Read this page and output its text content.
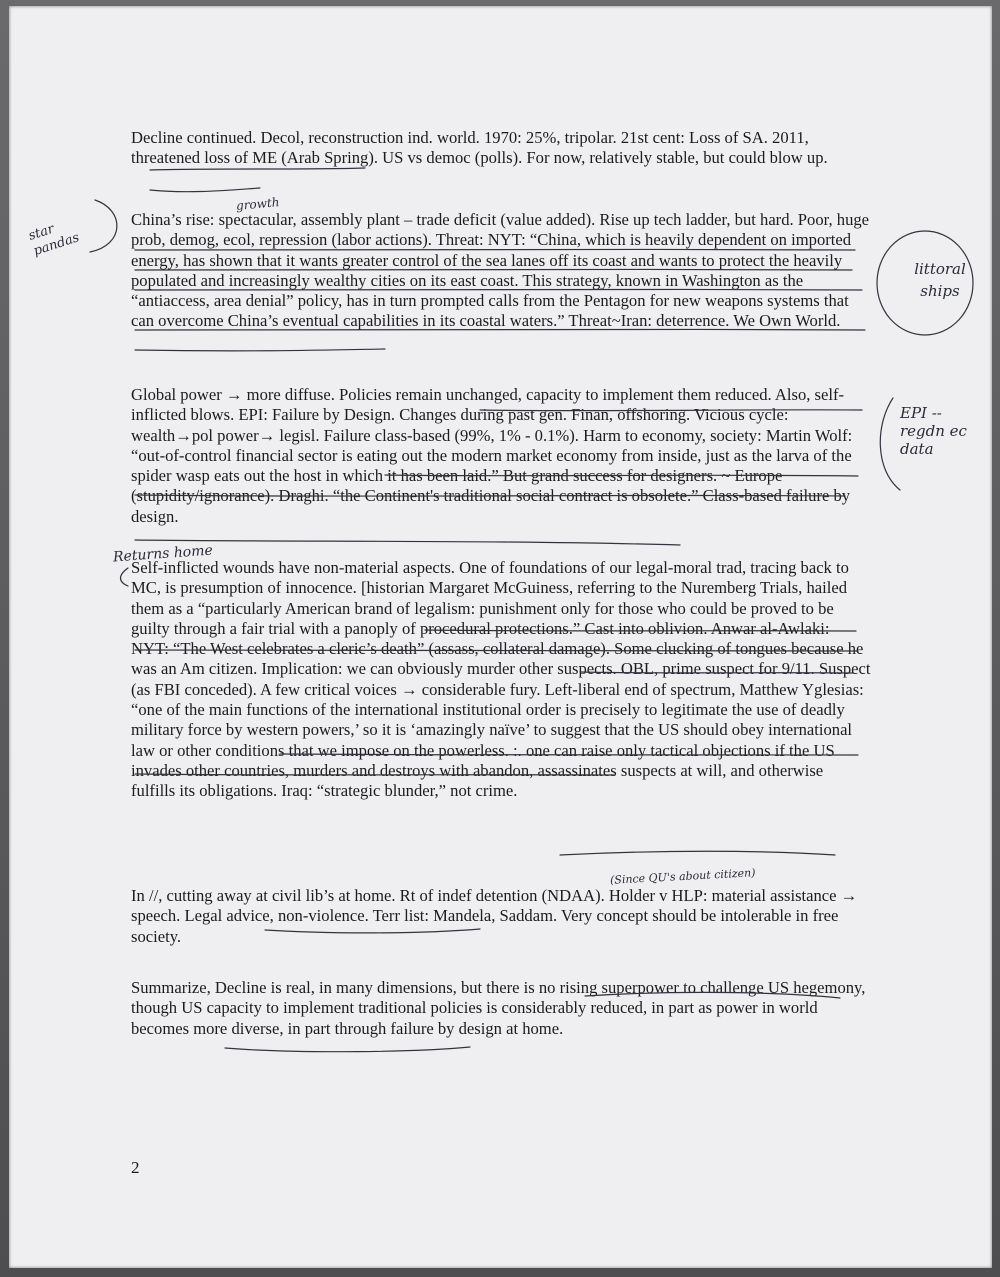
Decline continued. Decol, reconstruction ind. world. 1970: 25%, tripolar. 21st cent: Loss of SA. 2011, threatened loss of ME (Arab Spring). US vs democ (polls). For now, relatively stable, but could blow up.

China’s rise: spectacular, assembly plant – trade deficit (value added). Rise up tech ladder, but hard. Poor, huge prob, demog, ecol, repression (labor actions). Threat: NYT: “China, which is heavily dependent on imported energy, has shown that it wants greater control of the sea lanes off its coast and wants to protect the heavily populated and increasingly wealthy cities on its east coast. This strategy, known in Washington as the “antiaccess, area denial” policy, has in turn prompted calls from the Pentagon for new weapons systems that can overcome China’s eventual capabilities in its coastal waters.” Threat~Iran: deterrence. We Own World.

Global power → more diffuse. Policies remain unchanged, capacity to implement them reduced. Also, self-inflicted blows. EPI: Failure by Design. Changes during past gen. Finan, offshoring. Vicious cycle: wealth→pol power→ legisl. Failure class-based (99%, 1% - 0.1%). Harm to economy, society: Martin Wolf: “out-of-control financial sector is eating out the modern market economy from inside, just as the larva of the spider wasp eats out the host in which it has been laid.” But grand success for designers. ~ Europe (stupidity/ignorance). Draghi. “the Continent's traditional social contract is obsolete.” Class-based failure by design.

Self-inflicted wounds have non-material aspects. One of foundations of our legal-moral trad, tracing back to MC, is presumption of innocence. [historian Margaret McGuiness, referring to the Nuremberg Trials, hailed them as a “particularly American brand of legalism: punishment only for those who could be proved to be guilty through a fair trial with a panoply of procedural protections.” Cast into oblivion. Anwar al-Awlaki: NYT: “The West celebrates a cleric’s death” (assass, collateral damage). Some clucking of tongues because he was an Am citizen. Implication: we can obviously murder other suspects. OBL, prime suspect for 9/11. Suspect (as FBI conceded). A few critical voices → considerable fury. Left-liberal end of spectrum, Matthew Yglesias: “one of the main functions of the international institutional order is precisely to legitimate the use of deadly military force by western powers,’ so it is ‘amazingly naïve’ to suggest that the US should obey international law or other conditions that we impose on the powerless. :. one can raise only tactical objections if the US invades other countries, murders and destroys with abandon, assassinates suspects at will, and otherwise fulfills its obligations. Iraq: “strategic blunder,” not crime.

In //, cutting away at civil lib’s at home. Rt of indef detention (NDAA). Holder v HLP: material assistance → speech. Legal advice, non-violence. Terr list: Mandela, Saddam. Very concept should be intolerable in free society.

Summarize, Decline is real, in many dimensions, but there is no rising superpower to challenge US hegemony, though US capacity to implement traditional policies is considerably reduced, in part as power in world becomes more diverse, in part through failure by design at home.

2
star pandas
growth
littoral ships
EPI -- regdn ec data
Returns home
(Since QU's about citizen)
